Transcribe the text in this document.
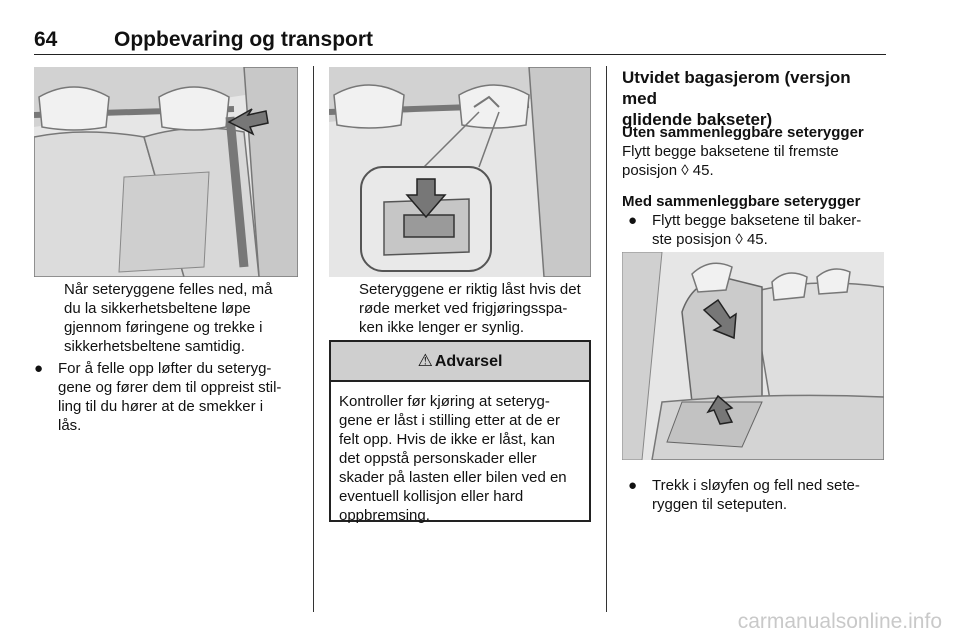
64	Oppbevaring og transport
Når seteryggene felles ned, må
du la sikkerhetsbeltene løpe
gjennom føringene og trekke i
sikkerhetsbeltene samtidig.
● For å felle opp løfter du seteryg-
gene og fører dem til oppreist stil-
ling til du hører at de smekker i
lås.
Seteryggene er riktig låst hvis det
røde merket ved frigjøringsspa-
ken ikke lenger er synlig.
⚠ Advarsel
Kontroller før kjøring at seteryg-
gene er låst i stilling etter at de er
felt opp. Hvis de ikke er låst, kan
det oppstå personskader eller
skader på lasten eller bilen ved en
eventuell kollisjon eller hard
oppbremsing.
Utvidet bagasjerom (versjon med
glidende bakseter)
Uten sammenleggbare seterygger
Flytt begge baksetene til fremste
posisjon ◊ 45.
Med sammenleggbare seterygger
● Flytt begge baksetene til baker-
ste posisjon ◊ 45.
● Trekk i sløyfen og fell ned sete-
ryggen til seteputen.
carmanualsonline.info
